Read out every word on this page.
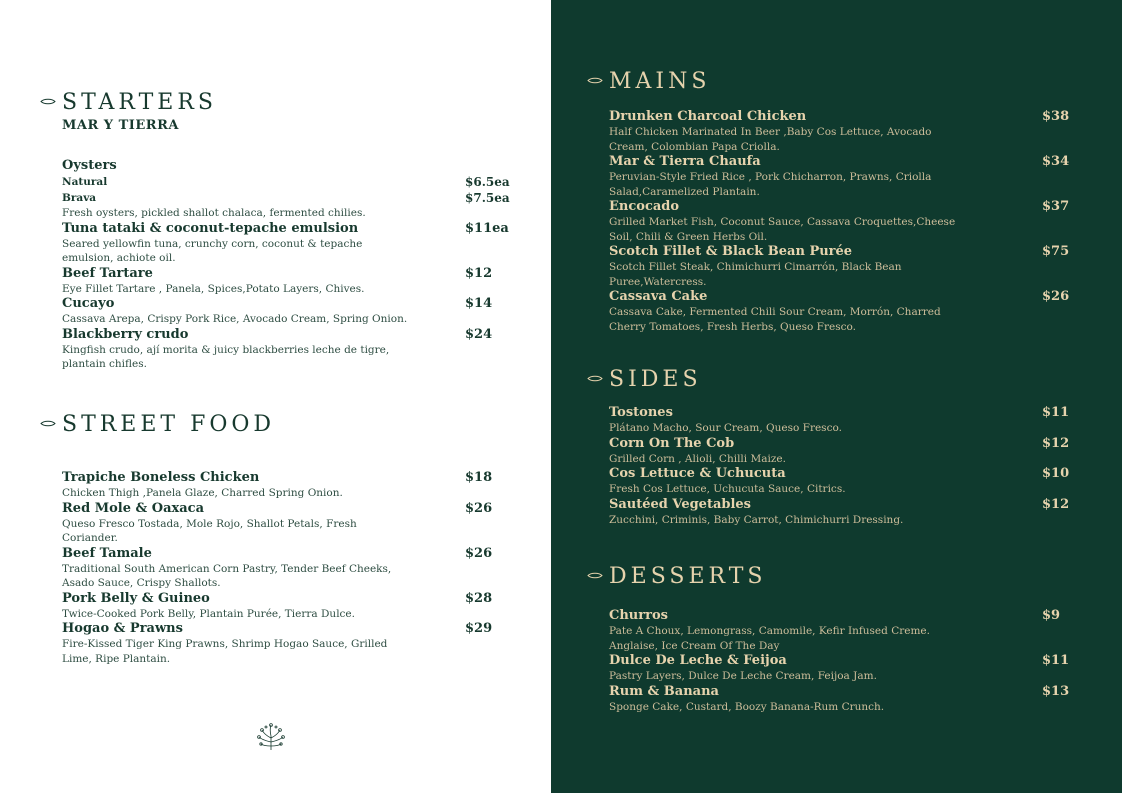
STARTERS
MAR Y TIERRA
Oysters
Natural	$6.5ea
Brava	$7.5ea
Fresh oysters, pickled shallot chalaca, fermented chilies.
Tuna tataki & coconut-tepache emulsion	$11ea
Seared yellowfin tuna, crunchy corn, coconut & tepache emulsion, achiote oil.
Beef Tartare	$12
Eye Fillet Tartare , Panela, Spices,Potato Layers, Chives.
Cucayo	$14
Cassava Arepa, Crispy Pork Rice, Avocado Cream, Spring Onion.
Blackberry crudo	$24
Kingfish crudo, ají morita & juicy blackberries leche de tigre, plantain chifles.
STREET FOOD
Trapiche Boneless Chicken	$18
Chicken Thigh ,Panela Glaze, Charred Spring Onion.
Red Mole & Oaxaca	$26
Queso Fresco Tostada, Mole Rojo, Shallot Petals, Fresh Coriander.
Beef Tamale	$26
Traditional South American Corn Pastry, Tender Beef Cheeks, Asado Sauce, Crispy Shallots.
Pork Belly & Guineo	$28
Twice-Cooked Pork Belly, Plantain Purée, Tierra Dulce.
Hogao & Prawns	$29
Fire-Kissed Tiger King Prawns, Shrimp Hogao Sauce, Grilled Lime, Ripe Plantain.
MAINS
Drunken Charcoal Chicken	$38
Half Chicken Marinated In Beer ,Baby Cos Lettuce, Avocado Cream, Colombian Papa Criolla.
Mar & Tierra Chaufa	$34
Peruvian-Style Fried Rice , Pork Chicharron, Prawns, Criolla Salad,Caramelized Plantain.
Encocado	$37
Grilled Market Fish, Coconut Sauce, Cassava Croquettes,Cheese Soil, Chili & Green Herbs Oil.
Scotch Fillet & Black Bean Purée	$75
Scotch Fillet Steak, Chimichurri Cimarrón, Black Bean Puree,Watercress.
Cassava Cake	$26
Cassava Cake, Fermented Chili Sour Cream, Morrón, Charred Cherry Tomatoes, Fresh Herbs, Queso Fresco.
SIDES
Tostones	$11
Plátano Macho, Sour Cream, Queso Fresco.
Corn On The Cob	$12
Grilled Corn , Alioli, Chilli Maize.
Cos Lettuce & Uchucuta	$10
Fresh Cos Lettuce, Uchucuta Sauce, Citrics.
Sautéed Vegetables	$12
Zucchini, Criminis, Baby Carrot, Chimichurri Dressing.
DESSERTS
Churros	$9
Pate A Choux, Lemongrass, Camomile, Kefir Infused Creme. Anglaise, Ice Cream Of The Day
Dulce De Leche & Feijoa	$11
Pastry Layers, Dulce De Leche Cream, Feijoa Jam.
Rum & Banana	$13
Sponge Cake, Custard, Boozy Banana-Rum Crunch.
